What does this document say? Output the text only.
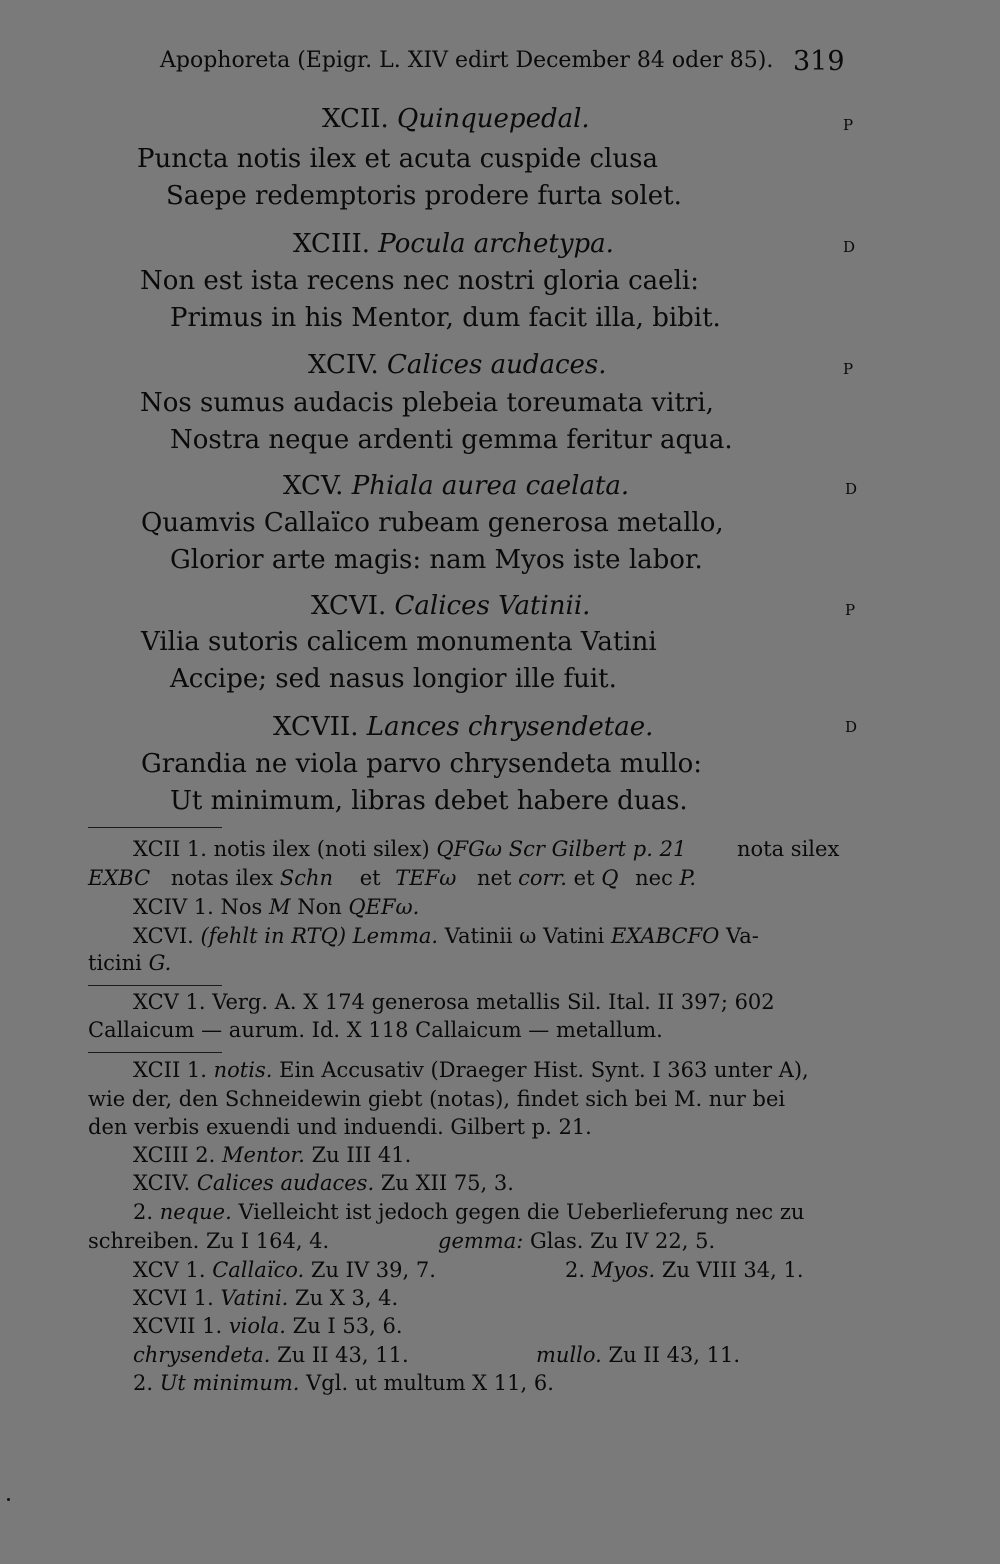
Apophoreta (Epigr. L. XIV edirt December 84 oder 85). 319
XCII. Quinquepedal.	P
Puncta notis ilex et acuta cuspide clusa
Saepe redemptoris prodere furta solet.
XCIII. Pocula archetypa.	D
Non est ista recens nec nostri gloria caeli:
Primus in his Mentor, dum facit illa, bibit.
XCIV. Calices audaces.	P
Nos sumus audacis plebeia toreumata vitri,
Nostra neque ardenti gemma feritur aqua.
XCV. Phiala aurea caelata.	D
Quamvis Callaïco rubeam generosa metallo,
Glorior arte magis: nam Myos iste labor.
XCVI. Calices Vatinii.	P
Vilia sutoris calicem monumenta Vatini
Accipe; sed nasus longior ille fuit.
XCVII. Lances chrysendetae.	D
Grandia ne viola parvo chrysendeta mullo:
Ut minimum, libras debet habere duas.
XCII 1. notis ilex (noti silex) QFGω Scr Gilbert p. 21 nota silex
EXBC notas ilex Schn et TEFω net corr. et Q nec P.
XCIV 1. Nos M Non QEFω.
XCVI. (fehlt in RTQ) Lemma. Vatinii ω Vatini EXABCFO Va-
ticini G.
XCV 1. Verg. A. X 174 generosa metallis Sil. Ital. II 397; 602
Callaicum — aurum. Id. X 118 Callaicum — metallum.
XCII 1. notis. Ein Accusativ (Draeger Hist. Synt. I 363 unter A),
wie der, den Schneidewin giebt (notas), findet sich bei M. nur bei
den verbis exuendi und induendi. Gilbert p. 21.
XCIII 2. Mentor. Zu III 41.
XCIV. Calices audaces. Zu XII 75, 3.
2. neque. Vielleicht ist jedoch gegen die Ueberlieferung nec zu
schreiben. Zu I 164, 4.	gemma: Glas. Zu IV 22, 5.
XCV 1. Callaïco. Zu IV 39, 7.	2. Myos. Zu VIII 34, 1.
XCVI 1. Vatini. Zu X 3, 4.
XCVII 1. viola. Zu I 53, 6.
chrysendeta. Zu II 43, 11.	mullo. Zu II 43, 11.
2. Ut minimum. Vgl. ut multum X 11, 6.
